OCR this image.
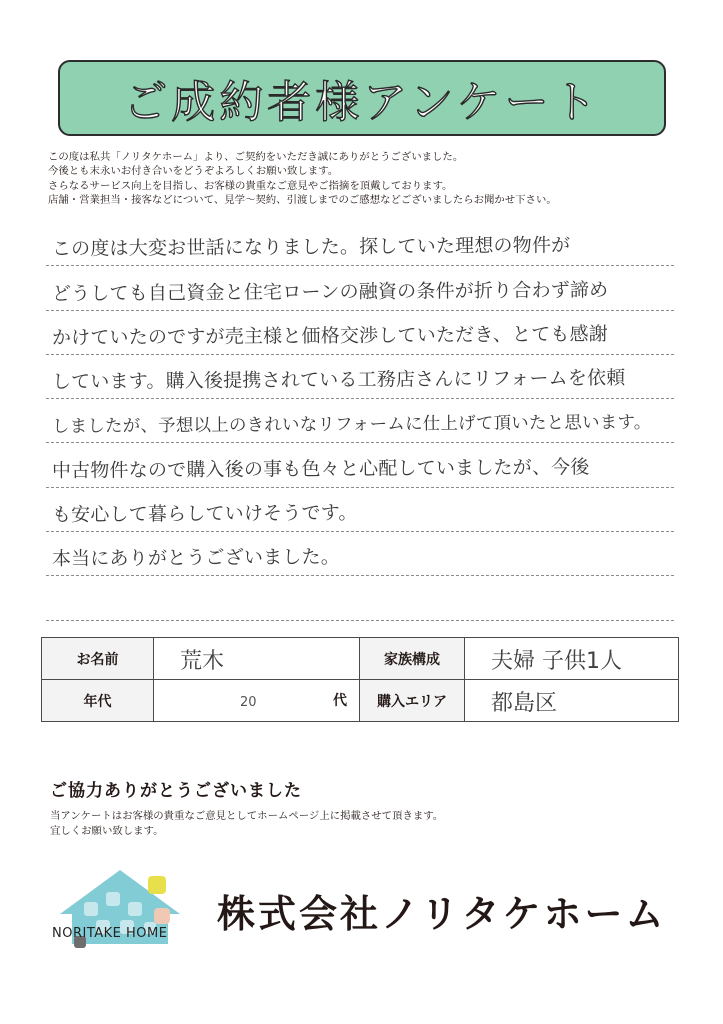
ご成約者様アンケート
この度は私共「ノリタケホーム」より、ご契約をいただき誠にありがとうございました。
今後とも末永いお付き合いをどうぞよろしくお願い致します。
さらなるサービス向上を目指し、お客様の貴重なご意見やご指摘を頂戴しております。
店舗・営業担当・接客などについて、見学〜契約、引渡しまでのご感想などございましたらお聞かせ下さい。
この度は大変お世話になりました。探していた理想の物件が
どうしても自己資金と住宅ローンの融資の条件が折り合わず諦め
かけていたのですが売主様と価格交渉していただき、とても感謝
しています。購入後提携されている工務店さんにリフォームを依頼
しましたが、予想以上のきれいなリフォームに仕上げて頂いたと思います。
中古物件なので購入後の事も色々と心配していましたが、今後
も安心して暮らしていけそうです。
本当にありがとうございました。
お名前	荒木	家族構成	夫婦 子供1人

年代	20 代	購入エリア	都島区
ご協力ありがとうございました
当アンケートはお客様の貴重なご意見としてホームページ上に掲載させて頂きます。
宜しくお願い致します。
NORITAKE HOME 株式会社ノリタケホーム
